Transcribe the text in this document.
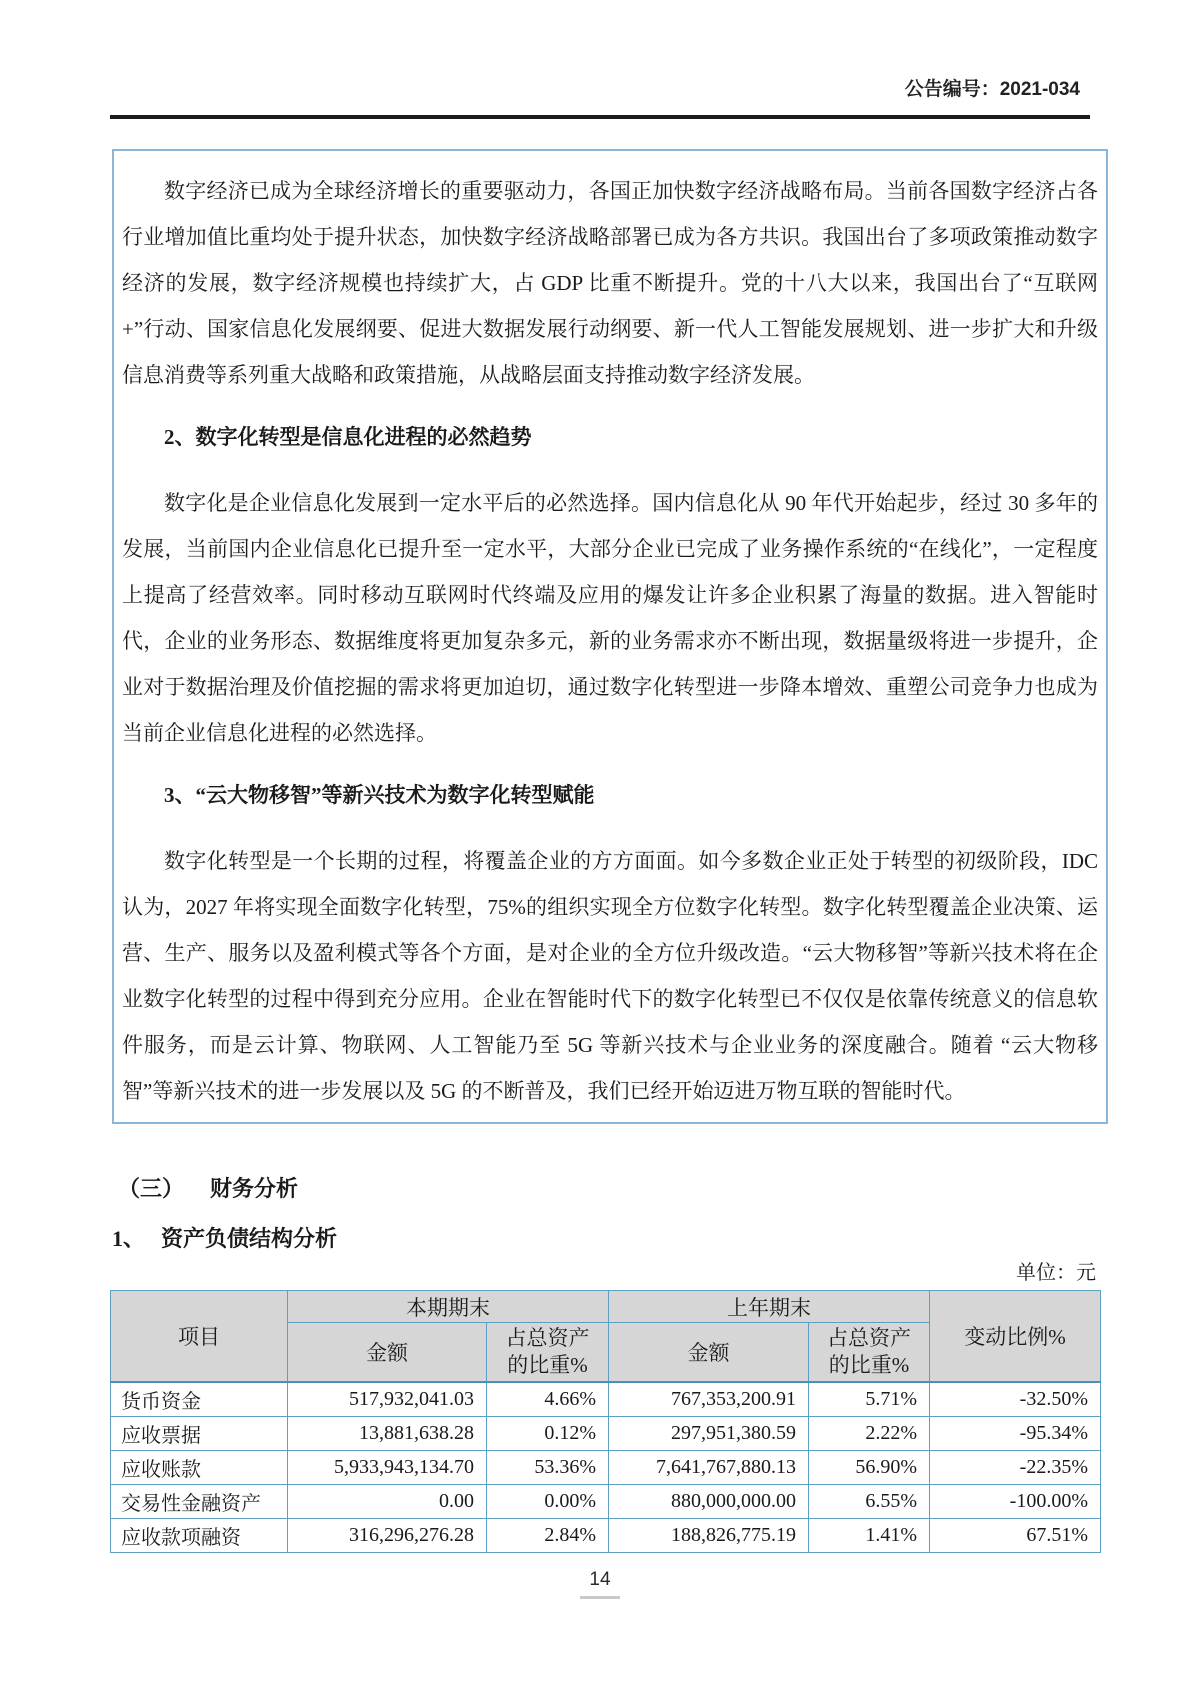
公告编号：2021-034

数字经济已成为全球经济增长的重要驱动力，各国正加快数字经济战略布局。当前各国数字经济占各行业增加值比重均处于提升状态，加快数字经济战略部署已成为各方共识。我国出台了多项政策推动数字经济的发展，数字经济规模也持续扩大，占 GDP 比重不断提升。党的十八大以来，我国出台了“互联网+”行动、国家信息化发展纲要、促进大数据发展行动纲要、新一代人工智能发展规划、进一步扩大和升级信息消费等系列重大战略和政策措施，从战略层面支持推动数字经济发展。

2、数字化转型是信息化进程的必然趋势

数字化是企业信息化发展到一定水平后的必然选择。国内信息化从 90 年代开始起步，经过 30 多年的发展，当前国内企业信息化已提升至一定水平，大部分企业已完成了业务操作系统的“在线化”，一定程度上提高了经营效率。同时移动互联网时代终端及应用的爆发让许多企业积累了海量的数据。进入智能时代，企业的业务形态、数据维度将更加复杂多元，新的业务需求亦不断出现，数据量级将进一步提升，企业对于数据治理及价值挖掘的需求将更加迫切，通过数字化转型进一步降本增效、重塑公司竞争力也成为当前企业信息化进程的必然选择。

3、“云大物移智”等新兴技术为数字化转型赋能

数字化转型是一个长期的过程，将覆盖企业的方方面面。如今多数企业正处于转型的初级阶段，IDC 认为，2027 年将实现全面数字化转型，75%的组织实现全方位数字化转型。数字化转型覆盖企业决策、运营、生产、服务以及盈利模式等各个方面，是对企业的全方位升级改造。“云大物移智”等新兴技术将在企业数字化转型的过程中得到充分应用。企业在智能时代下的数字化转型已不仅仅是依靠传统意义的信息软件服务，而是云计算、物联网、人工智能乃至 5G 等新兴技术与企业业务的深度融合。随着 “云大物移智”等新兴技术的进一步发展以及 5G 的不断普及，我们已经开始迈进万物互联的智能时代。

（三） 财务分析
1、 资产负债结构分析
单位：元
项目	本期期末		上年期末		变动比例%
	金额	占总资产
的比重%	金额	占总资产
的比重%	

货币资金	517,932,041.03	4.66%	767,353,200.91	5.71%	-32.50%
应收票据	13,881,638.28	0.12%	297,951,380.59	2.22%	-95.34%
应收账款	5,933,943,134.70	53.36%	7,641,767,880.13	56.90%	-22.35%
交易性金融资产	0.00	0.00%	880,000,000.00	6.55%	-100.00%
应收款项融资	316,296,276.28	2.84%	188,826,775.19	1.41%	67.51%
14
